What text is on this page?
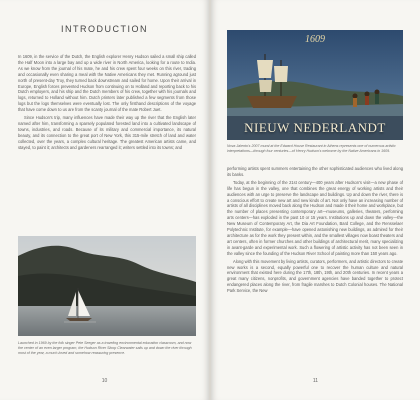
INTRODUCTION

In 1609, in the service of the Dutch, the English explorer Henry Hudson sailed a small ship called the Half Moon into a large bay and up a wide river in North America, looking for a route to India. As we know from the journal of his mate, he and his crew spent four weeks on this river, trading and occasionally even sharing a meal with the Native Americans they met. Running aground just north of present-day Troy, they turned back downstream and sailed for home. Upon their arrival in Europe, English forces prevented Hudson from continuing on to Holland and reporting back to his Dutch employers, and his ship and the Dutch members of his crew, together with his journals and logs, returned to Holland without him. Dutch printers later published a few segments from those logs but the logs themselves were eventually lost. The only firsthand descriptions of the voyage that have come down to us are from the scanty journal of the mate Robert Juet.

Since Hudson's trip, many influences have made their way up the river that the English later named after him, transforming a sparsely populated forested land into a cultivated landscape of towns, industries, and roads. Because of its military and commercial importance, its natural beauty, and its connection to the great port of New York, this 315-mile stretch of land and water collected, over the years, a complex cultural heritage. The greatest American artists came, and stayed, to paint it; architects and gardeners rearranged it; writers settled into its towns; and

Launched in 1969 by the folk singer Pete Seeger as a traveling environmental education classroom, and now the center of an even larger program, the Hudson River Sloop Clearwater sails up and down the river through most of the year, a much-loved and somehow reassuring presence.
10
1609
NIEUW NEDERLANDT
Nova Jalento's 2007 mural at the Edward House Restaurant in Athens represents one of numerous artistic interpretations—through four centuries—of Henry Hudson's welcome by the Native Americans in 1609.

performing artists spent summers entertaining the other sophisticated audiences who lived along its banks.

Today, at the beginning of the 21st century—400 years after Hudson's visit—a new phase of life has begun in the valley, one that combines the great energy of working artists and their audiences with an urge to preserve the landscape and buildings. Up and down the river, there is a conscious effort to create new art and new kinds of art. Not only have an increasing number of artists of all disciplines moved back along the Hudson and made it their home and workplace, but the number of places presenting contemporary art—museums, galleries, theaters, performing arts centers—has exploded in the past 10 or 15 years. Institutions up and down the valley—the New Museum of Contemporary Art, the Dia Art Foundation, Bard College, and the Rensselaer Polytechnic Institute, for example—have opened astonishing new buildings, as admired for their architecture as for the work they present within, and the smallest villages now boast theaters and art centers, often in former churches and other buildings of architectural merit, many specializing in avant-garde and experimental work. Such a flowering of artistic activity has not been seen in the valley since the founding of the Hudson River School of painting more than 150 years ago.

Along with this movement by living artists, curators, performers, and artistic directors to create new works is a second, equally powerful one to recover the human culture and natural environment that existed here during the 17th, 18th, 19th, and 20th centuries. In recent years a great many citizens, nonprofits, and government agencies have banded together to protect endangered places along the river, from fragile marshes to Dutch Colonial houses. The National Park Service, the New

11
